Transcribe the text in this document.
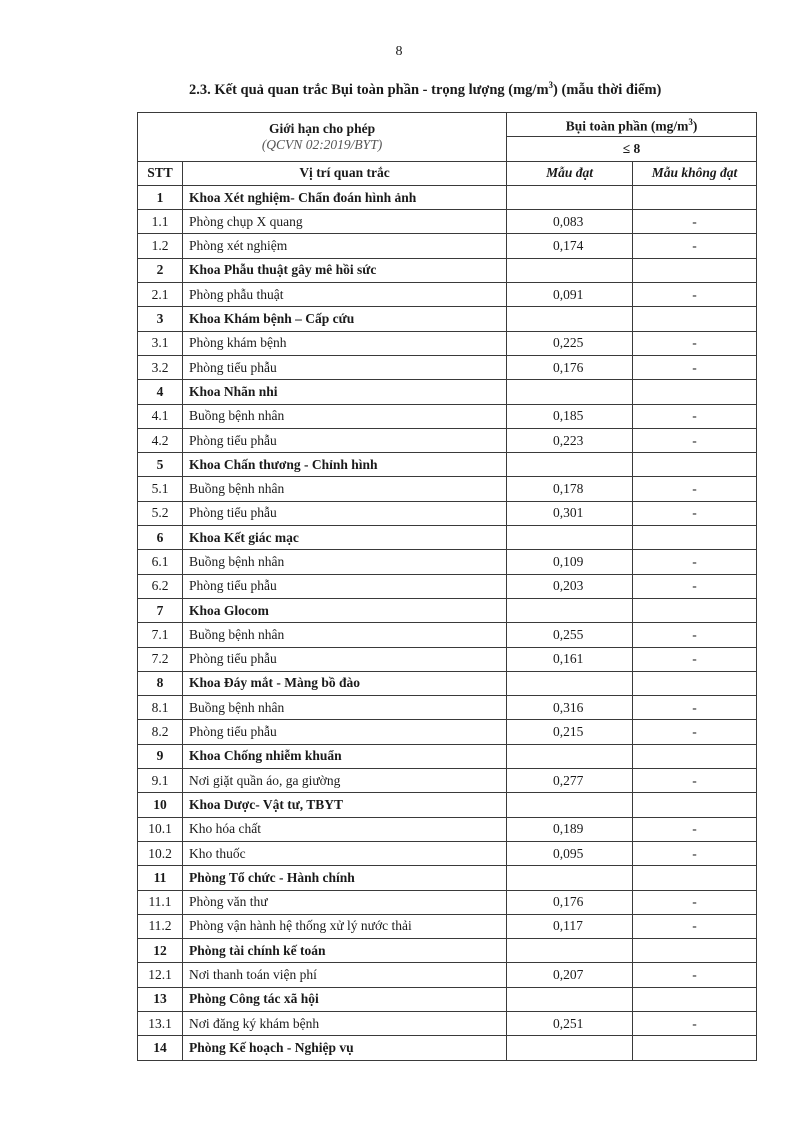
8
2.3. Kết quả quan trắc Bụi toàn phần - trọng lượng $(mg/m^3)$ (mẫu thời điểm)
Giới hạn cho phép
(QCVN 02:2019/BYT)		Bụi toàn phần $(mg/m^3)$	
		≤ 8	
STT	Vị trí quan trắc	Mẫu đạt	Mẫu không đạt
1	Khoa Xét nghiệm- Chẩn đoán hình ảnh		
1.1	Phòng chụp X quang	0,083	-
1.2	Phòng xét nghiệm	0,174	-
2	Khoa Phẫu thuật gây mê hồi sức		
2.1	Phòng phẫu thuật	0,091	-
3	Khoa Khám bệnh – Cấp cứu		
3.1	Phòng khám bệnh	0,225	-
3.2	Phòng tiểu phẫu	0,176	-
4	Khoa Nhãn nhi		
4.1	Buồng bệnh nhân	0,185	-
4.2	Phòng tiểu phẫu	0,223	-
5	Khoa Chấn thương - Chỉnh hình		
5.1	Buồng bệnh nhân	0,178	-
5.2	Phòng tiểu phẫu	0,301	-
6	Khoa Kết giác mạc		
6.1	Buồng bệnh nhân	0,109	-
6.2	Phòng tiểu phẫu	0,203	-
7	Khoa Glocom		
7.1	Buồng bệnh nhân	0,255	-
7.2	Phòng tiểu phẫu	0,161	-
8	Khoa Đáy mắt - Màng bồ đào		
8.1	Buồng bệnh nhân	0,316	-
8.2	Phòng tiểu phẫu	0,215	-
9	Khoa Chống nhiễm khuẩn		
9.1	Nơi giặt quần áo, ga giường	0,277	-
10	Khoa Dược- Vật tư, TBYT		
10.1	Kho hóa chất	0,189	-
10.2	Kho thuốc	0,095	-
11	Phòng Tổ chức - Hành chính		
11.1	Phòng văn thư	0,176	-
11.2	Phòng vận hành hệ thống xử lý nước thải	0,117	-
12	Phòng tài chính kế toán		
12.1	Nơi thanh toán viện phí	0,207	-
13	Phòng Công tác xã hội		
13.1	Nơi đăng ký khám bệnh	0,251	-
14	Phòng Kế hoạch - Nghiệp vụ		
